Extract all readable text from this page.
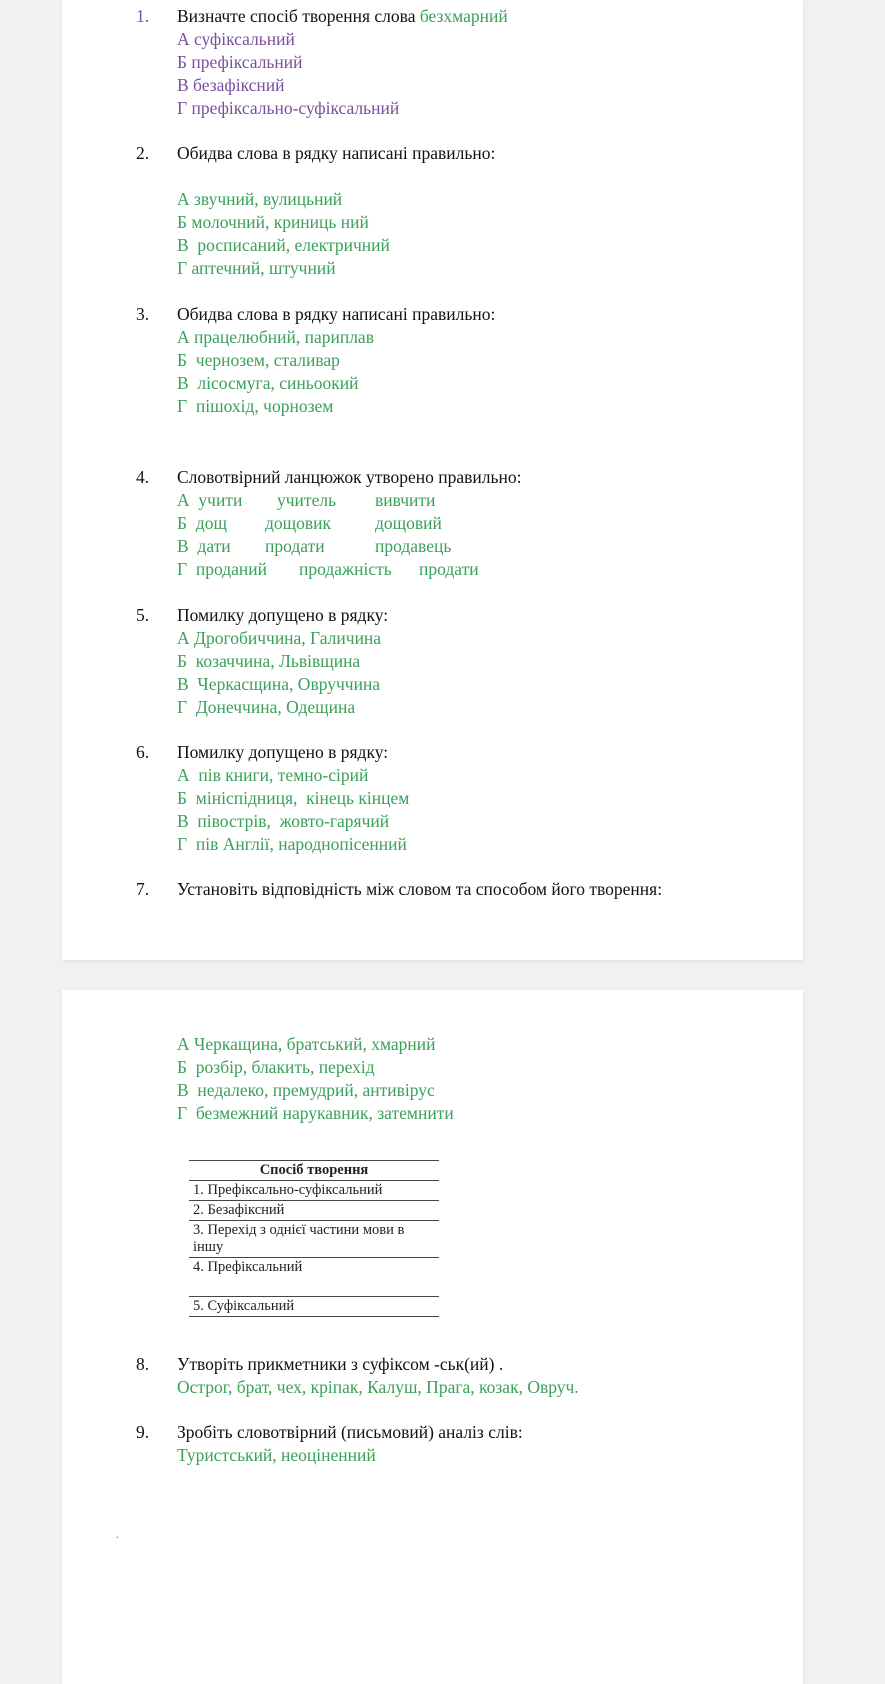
1. Визначте спосіб творення слова безхмарний
А суфіксальний
Б префіксальний
В безафіксний
Г префіксально-суфіксальний
2. Обидва слова в рядку написані правильно:
А звучний, вулицьний
Б молочний, криниць ний
В  росписаний, електричний
Г аптечний, штучний
3. Обидва слова в рядку написані правильно:
А працелюбний, париплав
Б  чернозем, сталивар
В  лісосмуга, синьоокий
Г  пішохід, чорнозем
4. Словотвірний ланцюжок утворено правильно:
А  учити	учитель	вивчити
Б  дощ	дощовик	дощовий
В  дати	продати	продавець
Г  проданий	продажність	продати
5. Помилку допущено в рядку:
А Дрогобиччина, Галичина
Б  козаччина, Львівщина
В  Черкасщина, Овруччина
Г  Донеччина, Одещина
6. Помилку допущено в рядку:
А  пів книги, темно-сірий
Б  мініспідниця,  кінець кінцем
В  півострів,  жовто-гарячий
Г  пів Англії, народнопісенний
7. Установіть відповідність між словом та способом його творення:
А Черкащина, братський, хмарний
Б  розбір, блакить, перехід
В  недалеко, премудрий, антивірус
Г  безмежний нарукавник, затемнити
Спосіб творення
1. Префіксально-суфіксальний
2. Безафіксний
3. Перехід з однієї частини мови в іншу
4. Префіксальний
5. Суфіксальний
8. Утворіть прикметники з суфіксом -ськ(ий) .
Острог, брат, чех, кріпак, Калуш, Прага, козак, Овруч.
9. Зробіть словотвірний (письмовий) аналіз слів:
Туристський, неоціненний
.
